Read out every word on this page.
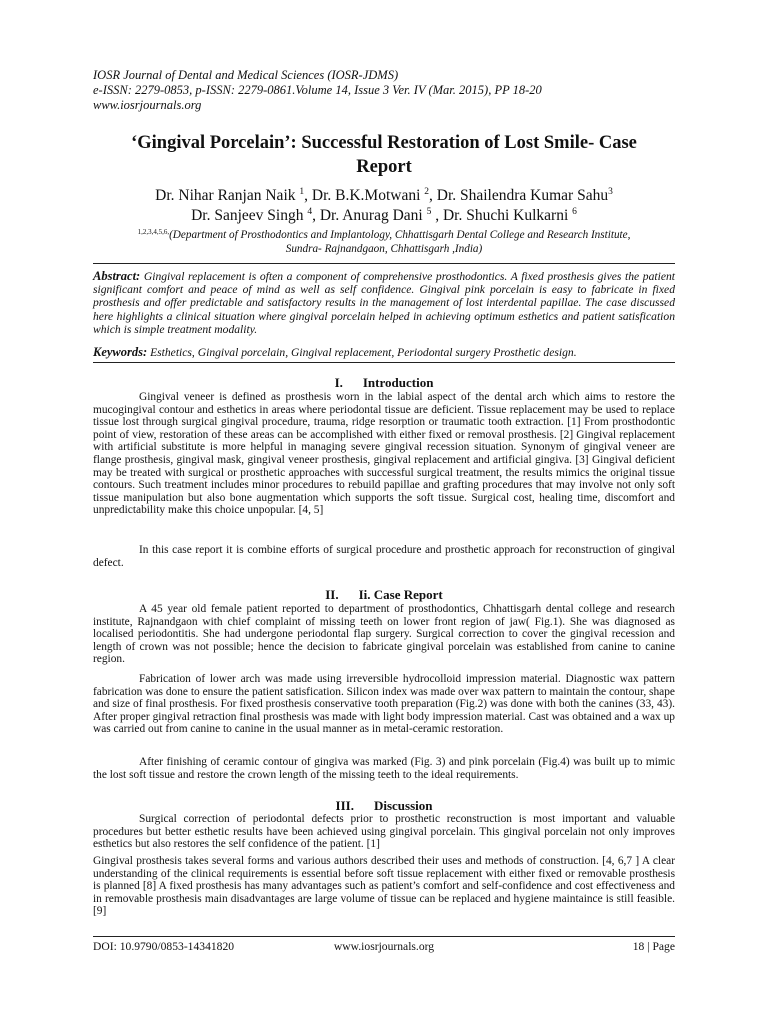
IOSR Journal of Dental and Medical Sciences (IOSR-JDMS)
e-ISSN: 2279-0853, p-ISSN: 2279-0861.Volume 14, Issue 3 Ver. IV (Mar. 2015), PP 18-20
www.iosrjournals.org
‘Gingival Porcelain’: Successful Restoration of Lost Smile- Case
Report
Dr. Nihar Ranjan Naik $^1$, Dr. B.K.Motwani $^2$, Dr. Shailendra Kumar Sahu$^3$
Dr. Sanjeev Singh $^4$, Dr. Anurag Dani $^5$ , Dr. Shuchi Kulkarni $^6$
$^{1,2,3,4,5,6,}$(Department of Prosthodontics and Implantology, Chhattisgarh Dental College and Research Institute,
Sundra- Rajnandgaon, Chhattisgarh ,India)
Abstract: Gingival replacement is often a component of comprehensive prosthodontics. A fixed prosthesis gives the patient significant comfort and peace of mind as well as self confidence. Gingival pink porcelain is easy to fabricate in fixed prosthesis and offer predictable and satisfactory results in the management of lost interdental papillae. The case discussed here highlights a clinical situation where gingival porcelain helped in achieving optimum esthetics and patient satisfication which is simple treatment modality.
Keywords: Esthetics, Gingival porcelain, Gingival replacement, Periodontal surgery Prosthetic design.
I. Introduction
Gingival veneer is defined as prosthesis worn in the labial aspect of the dental arch which aims to restore the mucogingival contour and esthetics in areas where periodontal tissue are deficient. Tissue replacement may be used to replace tissue lost through surgical gingival procedure, trauma, ridge resorption or traumatic tooth extraction. [1] From prosthodontic point of view, restoration of these areas can be accomplished with either fixed or removal prosthesis. [2] Gingival replacement with artificial substitute is more helpful in managing severe gingival recession situation. Synonym of gingival veneer are flange prosthesis, gingival mask, gingival veneer prosthesis, gingival replacement and artificial gingiva. [3] Gingival deficient may be treated with surgical or prosthetic approaches with successful surgical treatment, the results mimics the original tissue contours. Such treatment includes minor procedures to rebuild papillae and grafting procedures that may involve not only soft tissue manipulation but also bone augmentation which supports the soft tissue. Surgical cost, healing time, discomfort and unpredictability make this choice unpopular. [4, 5]
In this case report it is combine efforts of surgical procedure and prosthetic approach for reconstruction of gingival defect.
II. Ii. Case Report
A 45 year old female patient reported to department of prosthodontics, Chhattisgarh dental college and research institute, Rajnandgaon with chief complaint of missing teeth on lower front region of jaw( Fig.1). She was diagnosed as localised periodontitis. She had undergone periodontal flap surgery. Surgical correction to cover the gingival recession and length of crown was not possible; hence the decision to fabricate gingival porcelain was established from canine to canine region.
Fabrication of lower arch was made using irreversible hydrocolloid impression material. Diagnostic wax pattern fabrication was done to ensure the patient satisfication. Silicon index was made over wax pattern to maintain the contour, shape and size of final prosthesis. For fixed prosthesis conservative tooth preparation (Fig.2) was done with both the canines (33, 43). After proper gingival retraction final prosthesis was made with light body impression material. Cast was obtained and a wax up was carried out from canine to canine in the usual manner as in metal-ceramic restoration.
After finishing of ceramic contour of gingiva was marked (Fig. 3) and pink porcelain (Fig.4) was built up to mimic the lost soft tissue and restore the crown length of the missing teeth to the ideal requirements.
III. Discussion
Surgical correction of periodontal defects prior to prosthetic reconstruction is most important and valuable procedures but better esthetic results have been achieved using gingival porcelain. This gingival porcelain not only improves esthetics but also restores the self confidence of the patient. [1]
Gingival prosthesis takes several forms and various authors described their uses and methods of construction. [4, 6,7 ] A clear understanding of the clinical requirements is essential before soft tissue replacement with either fixed or removable prosthesis is planned [8] A fixed prosthesis has many advantages such as patient’s comfort and self-confidence and cost effectiveness and in removable prosthesis main disadvantages are large volume of tissue can be replaced and hygiene maintaince is still feasible.[9]
DOI: 10.9790/0853-14341820	www.iosrjournals.org	18 | Page
